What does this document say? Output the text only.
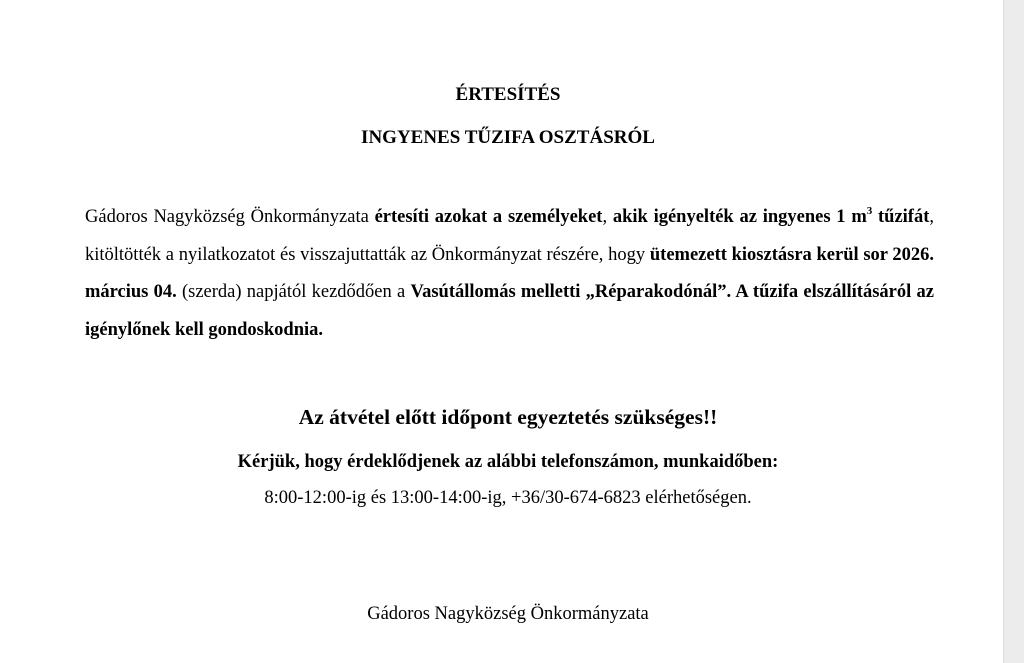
ÉRTESÍTÉS
INGYENES TŰZIFA OSZTÁSRÓL

Gádoros Nagyközség Önkormányzata értesíti azokat a személyeket, akik igényelték az ingyenes 1 $m^3$ tűzifát, kitöltötték a nyilatkozatot és visszajuttatták az Önkormányzat részére, hogy ütemezett kiosztásra kerül sor 2026. március 04. (szerda) napjától kezdődően a Vasútállomás melletti „Réparakodónál”. A tűzifa elszállításáról az igénylőnek kell gondoskodnia.

Az átvétel előtt időpont egyeztetés szükséges!!
Kérjük, hogy érdeklődjenek az alábbi telefonszámon, munkaidőben:
8:00-12:00-ig és 13:00-14:00-ig, +36/30-674-6823 elérhetőségen.
Gádoros Nagyközség Önkormányzata
